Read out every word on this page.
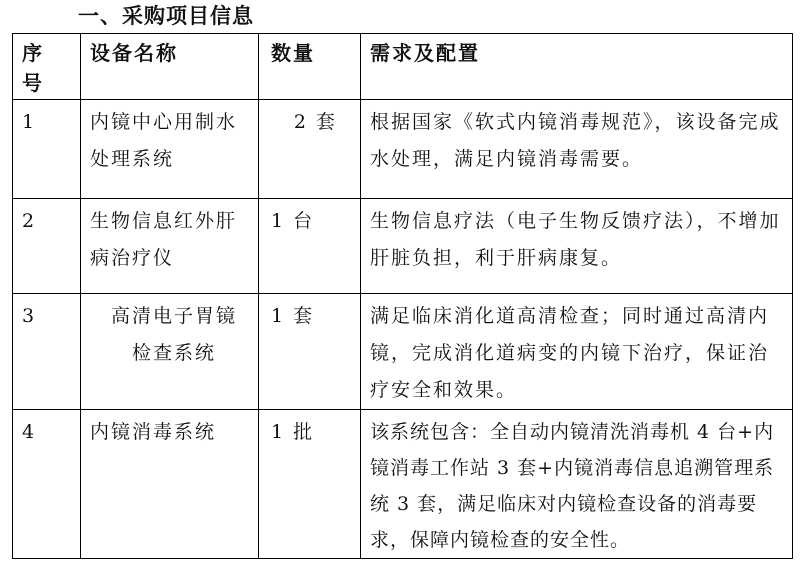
一、采购项目信息
序号	设备名称	数量	需求及配置

1	内镜中心用制水处理系统	2 套	根据国家《软式内镜消毒规范》，该设备完成水处理，满足内镜消毒需要。

2	生物信息红外肝病治疗仪	1 台	生物信息疗法（电子生物反馈疗法），不增加肝脏负担，利于肝病康复。

3	高清电子胃镜检查系统	1 套	满足临床消化道高清检查；同时通过高清内镜，完成消化道病变的内镜下治疗，保证治疗安全和效果。

4	内镜消毒系统	1 批	该系统包含：全自动内镜清洗消毒机 4 台+内镜消毒工作站 3 套+内镜消毒信息追溯管理系统 3 套，满足临床对内镜检查设备的消毒要求，保障内镜检查的安全性。
